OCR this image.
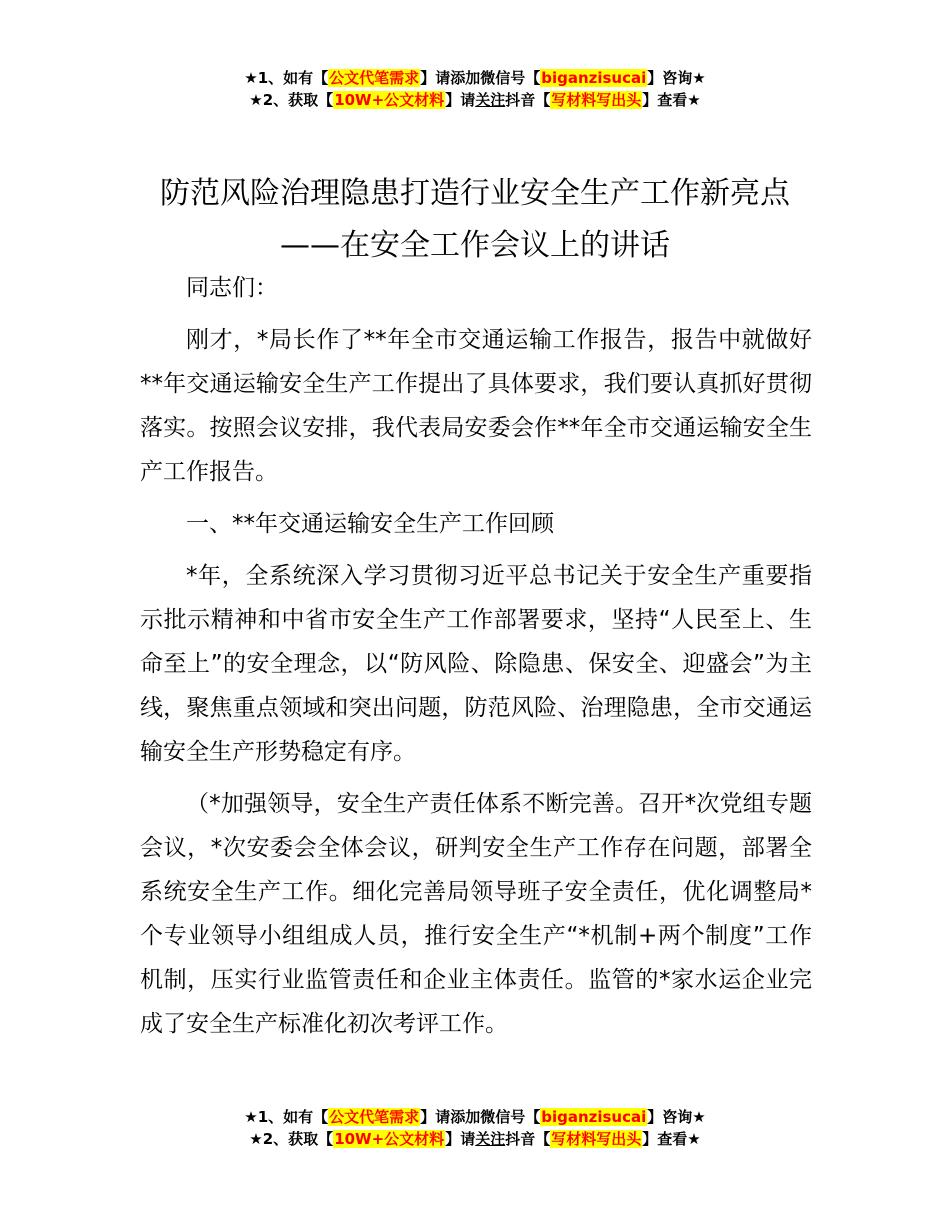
★1、如有【公文代笔需求】请添加微信号【biganzisucai】咨询★
★2、获取【10W+公文材料】请关注抖音【写材料写出头】查看★
防范风险治理隐患打造行业安全生产工作新亮点——在安全工作会议上的讲话

同志们：

刚才，*局长作了**年全市交通运输工作报告，报告中就做好**年交通运输安全生产工作提出了具体要求，我们要认真抓好贯彻落实。按照会议安排，我代表局安委会作**年全市交通运输安全生产工作报告。

一、**年交通运输安全生产工作回顾

*年，全系统深入学习贯彻习近平总书记关于安全生产重要指示批示精神和中省市安全生产工作部署要求，坚持“人民至上、生命至上”的安全理念，以“防风险、除隐患、保安全、迎盛会”为主线，聚焦重点领域和突出问题，防范风险、治理隐患，全市交通运输安全生产形势稳定有序。

（*加强领导，安全生产责任体系不断完善。召开*次党组专题会议，*次安委会全体会议，研判安全生产工作存在问题，部署全系统安全生产工作。细化完善局领导班子安全责任，优化调整局*个专业领导小组组成人员，推行安全生产“*机制+两个制度”工作机制，压实行业监管责任和企业主体责任。监管的*家水运企业完成了安全生产标准化初次考评工作。

★1、如有【公文代笔需求】请添加微信号【biganzisucai】咨询★
★2、获取【10W+公文材料】请关注抖音【写材料写出头】查看★
